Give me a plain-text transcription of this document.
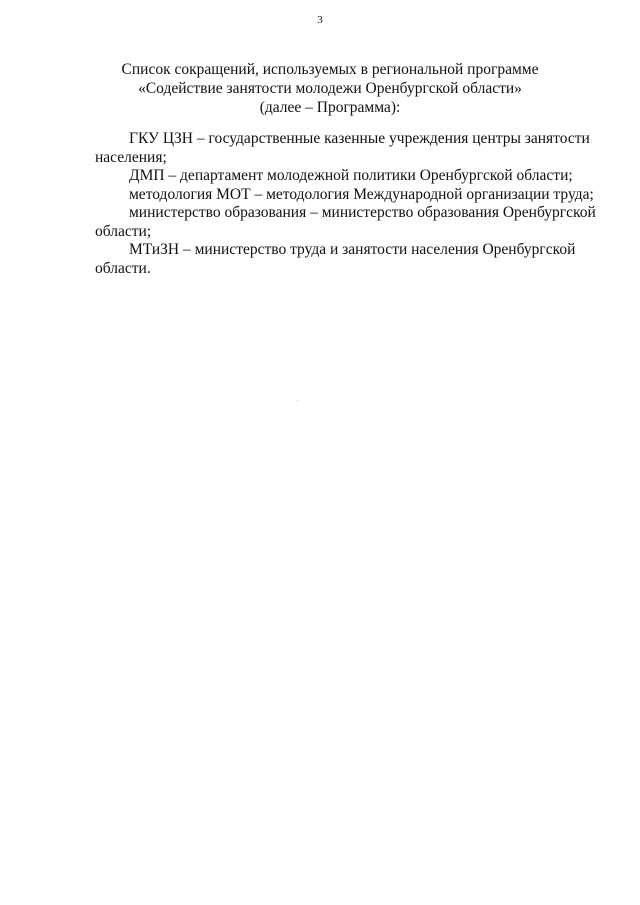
3
Список сокращений, используемых в региональной программе
«Содействие занятости молодежи Оренбургской области»
(далее – Программа):
ГКУ ЦЗН – государственные казенные учреждения центры занятости
населения;
ДМП – департамент молодежной политики Оренбургской области;
методология МОТ – методология Международной организации труда;
министерство образования – министерство образования Оренбургской
области;
МТиЗН – министерство труда и занятости населения Оренбургской
области.
